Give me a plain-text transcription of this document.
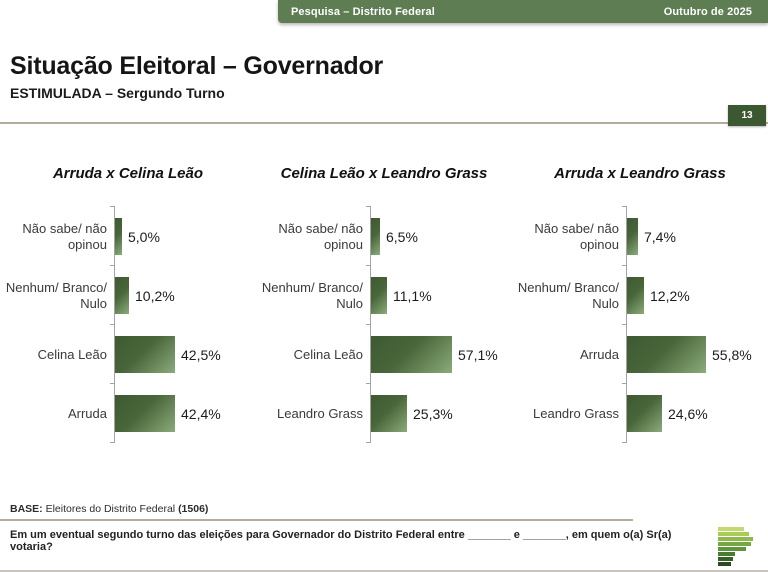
Pesquisa – Distrito Federal	Outubro de 2025
Situação Eleitoral – Governador
ESTIMULADA – Sergundo Turno
13
Arruda x Celina Leão
Não sabe/ não opinou	5,0%
Nenhum/ Branco/ Nulo	10,2%
Celina Leão	42,5%
Arruda	42,4%
Celina Leão x Leandro Grass
Não sabe/ não opinou	6,5%
Nenhum/ Branco/ Nulo	11,1%
Celina Leão	57,1%
Leandro Grass	25,3%
Arruda x Leandro Grass
Não sabe/ não opinou	7,4%
Nenhum/ Branco/ Nulo	12,2%
Arruda	55,8%
Leandro Grass	24,6%
BASE: Eleitores do Distrito Federal (1506)
Em um eventual segundo turno das eleições para Governador do Distrito Federal entre _______ e _______, em quem o(a) Sr(a) votaria?
